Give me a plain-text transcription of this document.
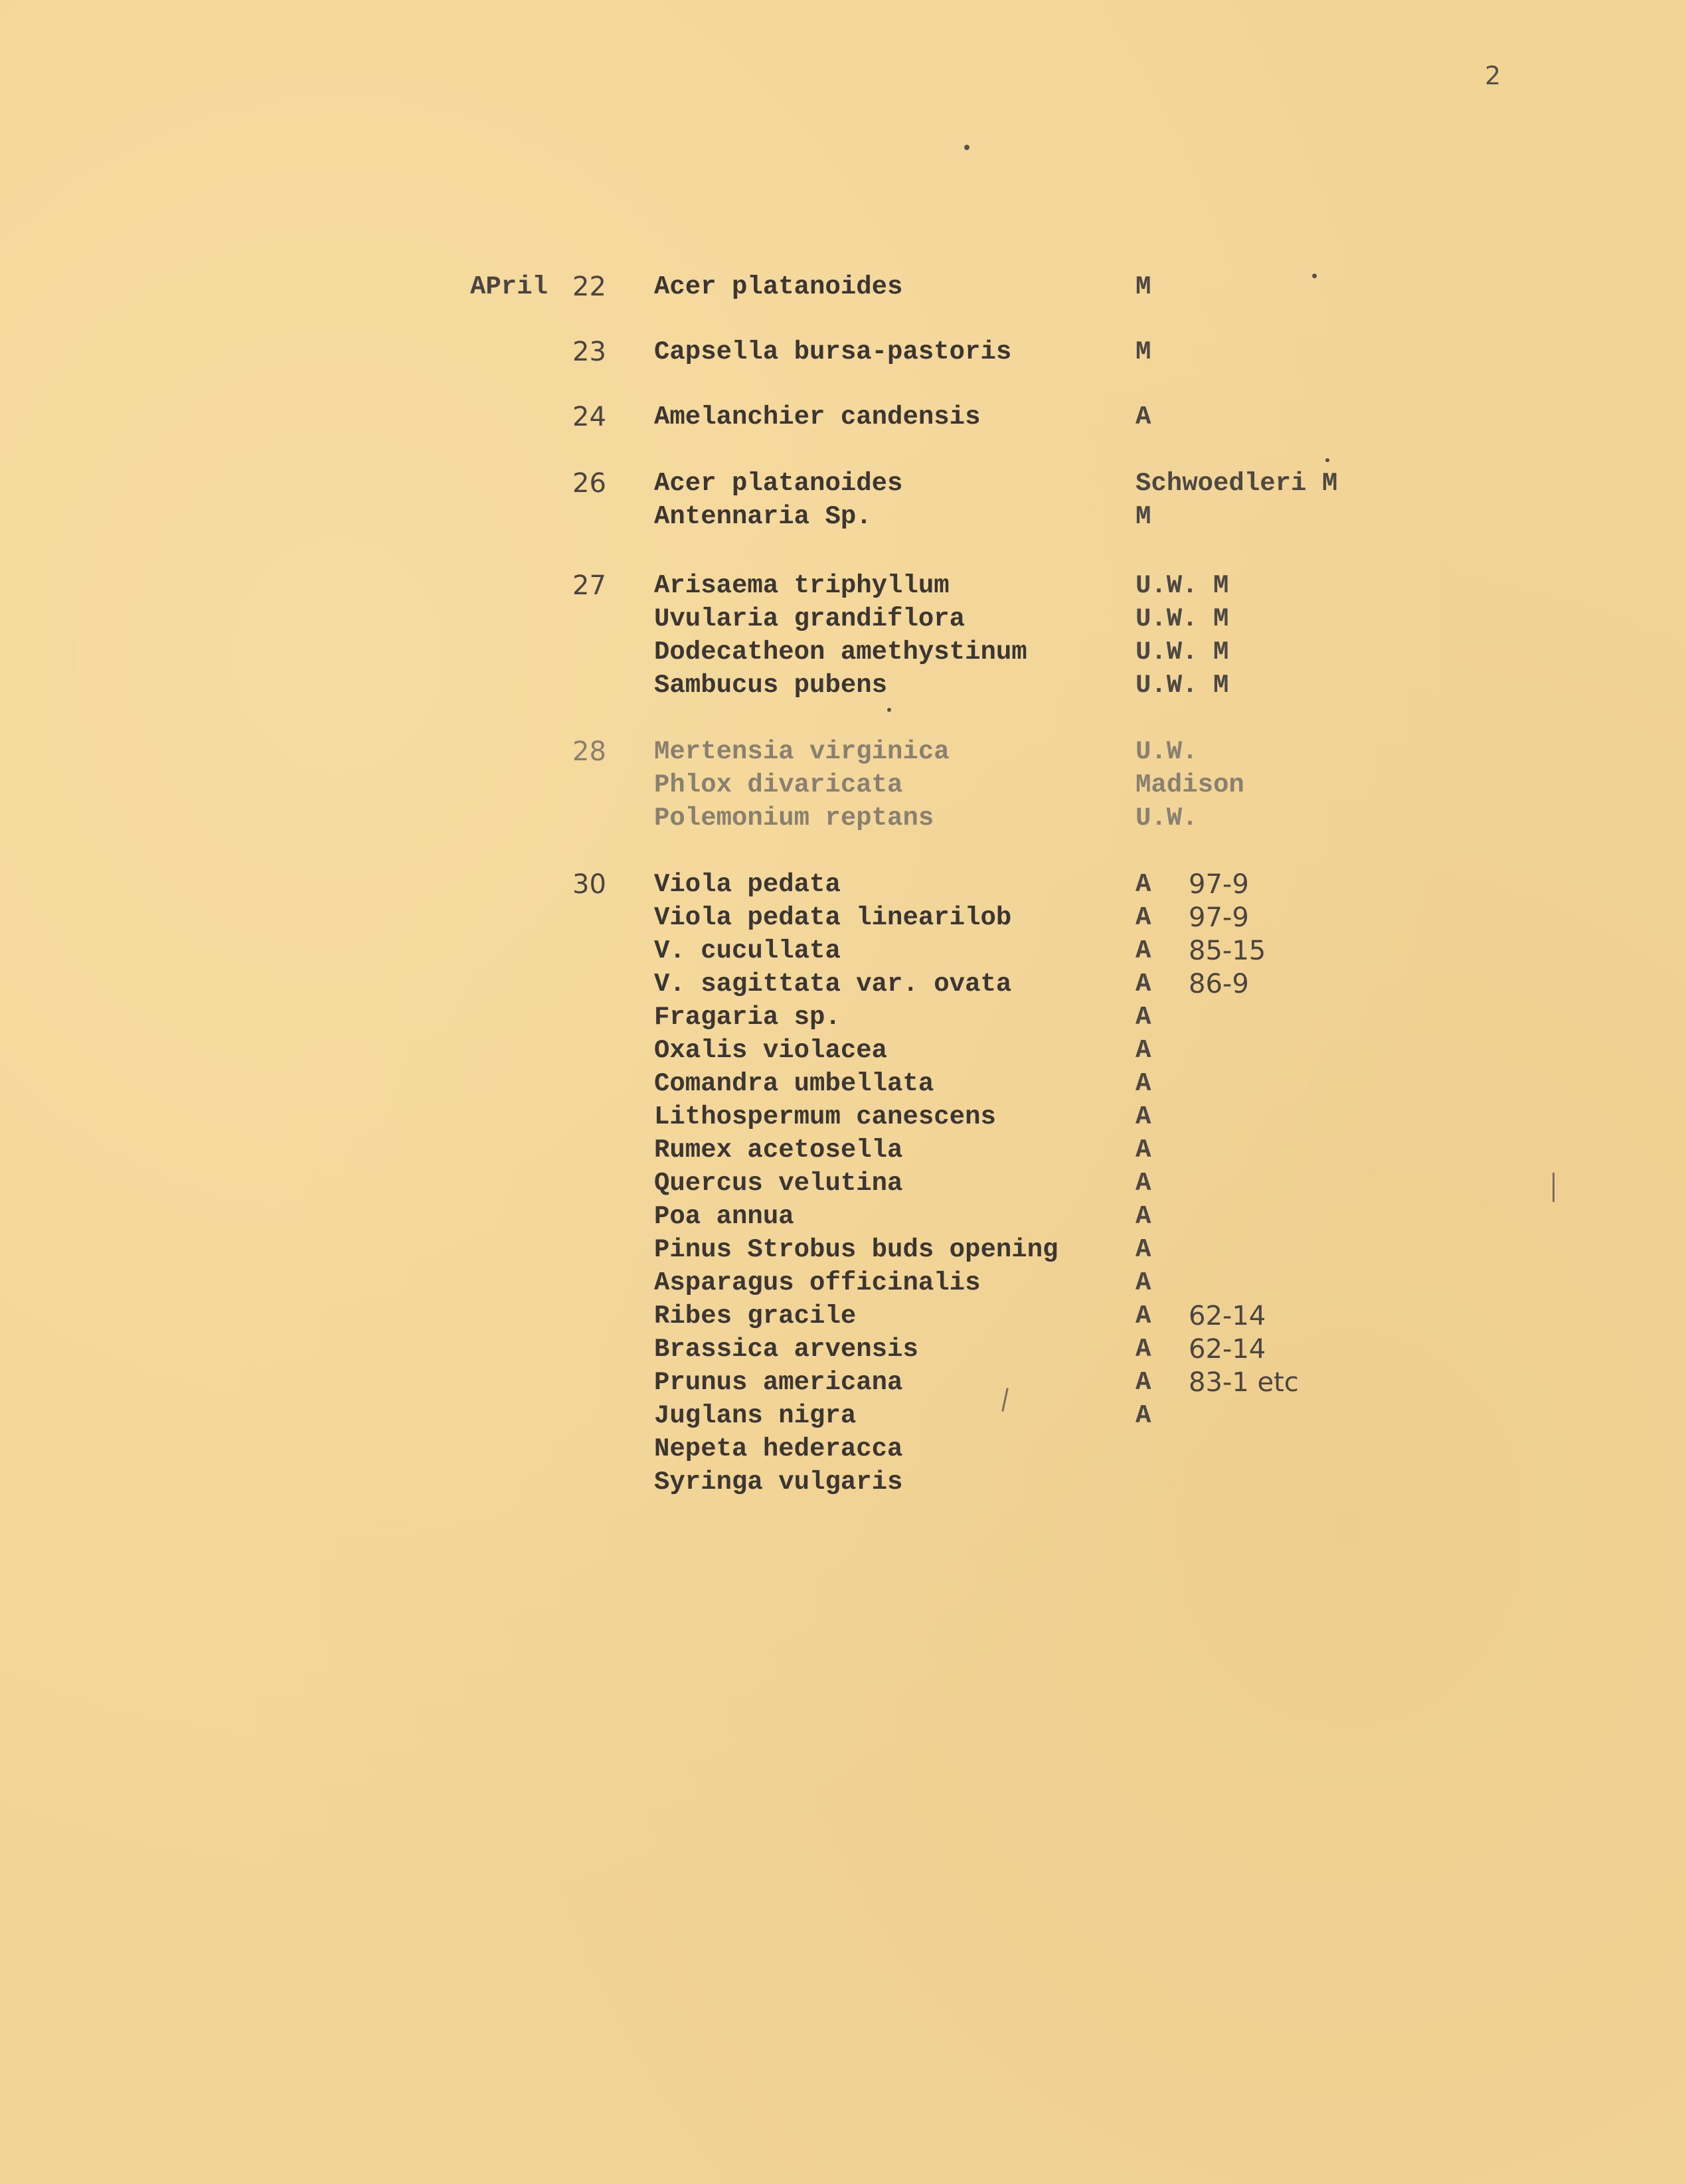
2
APril 22 Acer platanoides	M
23 Capsella bursa-pastoris	M
24 Amelanchier candensis	A
26 Acer platanoides	Schwoedleri M
Antennaria Sp.	M
27 Arisaema triphyllum	U.W. M
Uvularia grandiflora	U.W. M
Dodecatheon amethystinum	U.W. M
Sambucus pubens	U.W. M
28 Mertensia virginica	U.W.
Phlox divaricata	Madison
Polemonium reptans	U.W.
30 Viola pedata	A 97-9
Viola pedata linearilob	A 97-9
V. cucullata	A 85-15
V. sagittata var. ovata	A 86-9
Fragaria sp.	A
Oxalis violacea	A
Comandra umbellata	A
Lithospermum canescens	A
Rumex acetosella	A
Quercus velutina	A
Poa annua	A
Pinus Strobus buds opening	A
Asparagus officinalis	A
Ribes gracile	A 62-14
Brassica arvensis	A 62-14
Prunus americana	A 83-1 etc
Juglans nigra	A
Nepeta hederacca
Syringa vulgaris
